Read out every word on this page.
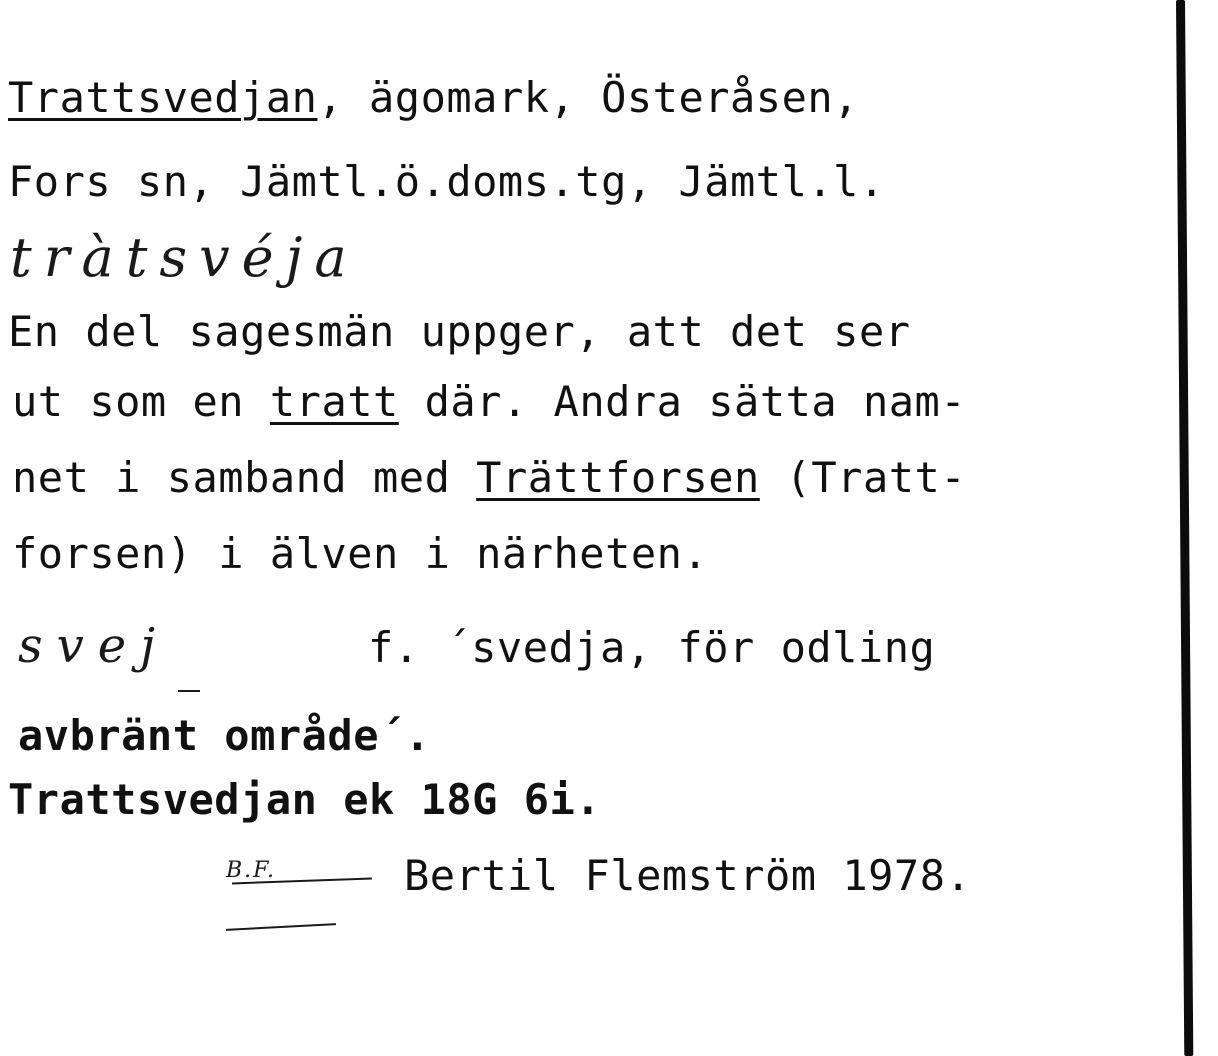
Trattsvedjan, ägomark, Österåsen,
Fors sn, Jämtl.ö.doms.tg, Jämtl.l.
tràtsvéja
En del sagesmän uppger, att det ser
ut som en tratt där. Andra sätta nam-
net i samband med Trättforsen (Tratt-
forsen) i älven i närheten.
svej	f. ´svedja, för odling
avbränt område´.
Trattsvedjan ek 18G 6i.
B.F.	Bertil Flemström 1978.
